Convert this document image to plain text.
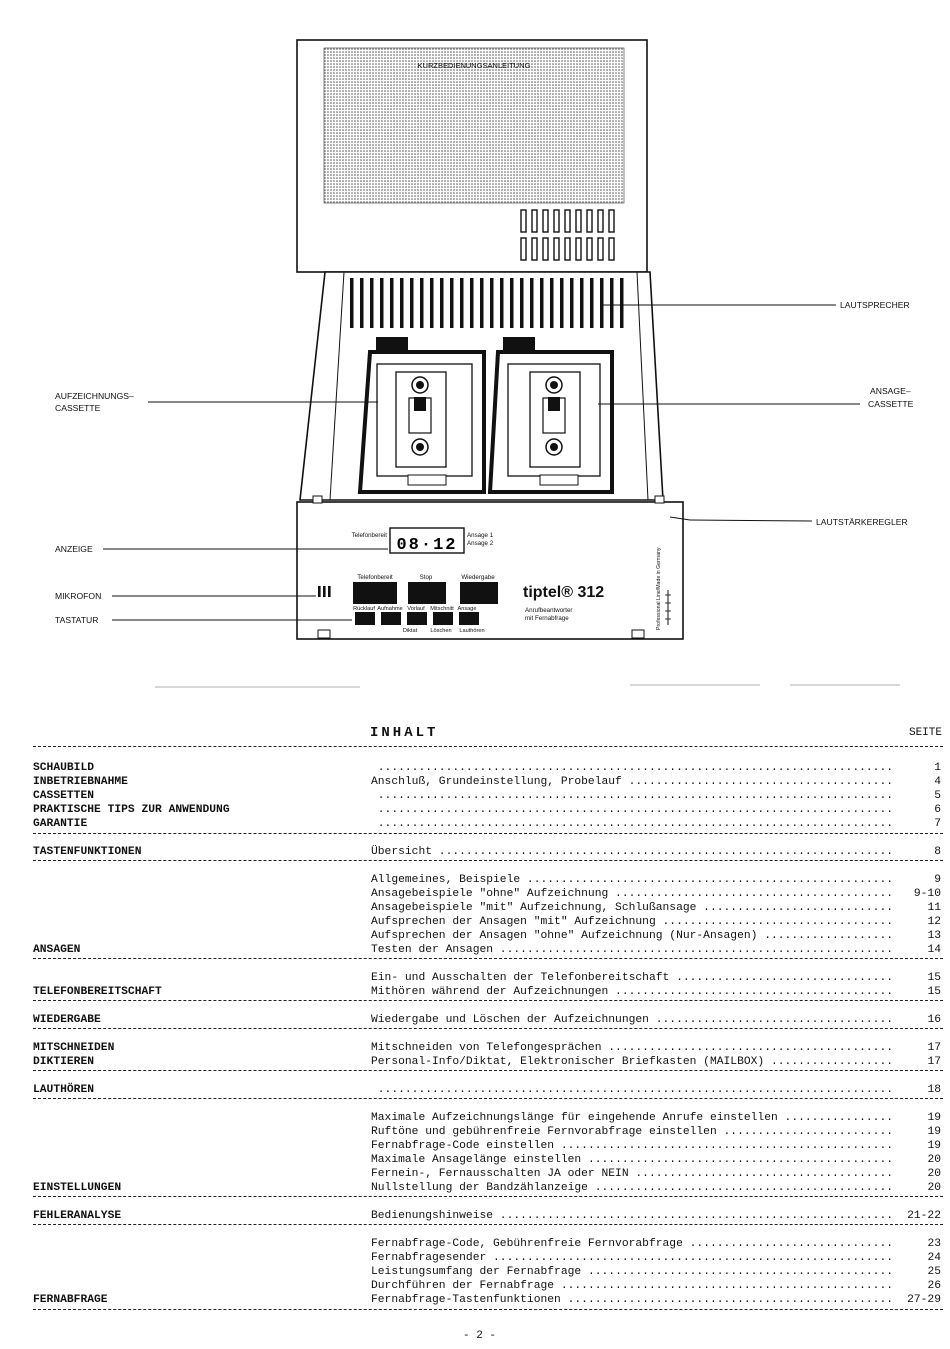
KURZBEDIENUNGSANLEITUNG
Telefonbereit
08·12
Ansage 1
Ansage 2
Telefonbereit	Stop	Wiedergabe
Rücklauf Aufnahme Vorlauf Mitschnitt Ansage
Diktat Löschen Lauthören
tiptel® 312
Anrufbeantworter
mit Fernabfrage	Professional Line/Made in Germany
LAUTSPRECHER
AUFZEICHNUNGS–
CASSETTE
ANSAGE–
CASSETTE
LAUTSTÄRKEREGLER
ANZEIGE
MIKROFON
TASTATUR
INHALT	SEITE
SCHAUBILD .....	1
INBETRIEBNAHME	Anschluß, Grundeinstellung, Probelauf .....	4
CASSETTEN .....	5
PRAKTISCHE TIPS ZUR ANWENDUNG .....	6
GARANTIE .....	7
TASTENFUNKTIONEN	Übersicht .....	8
Allgemeines, Beispiele .....	9
Ansagebeispiele "ohne" Aufzeichnung .....	9-10
Ansagebeispiele "mit" Aufzeichnung, Schlußansage .....	11
Aufsprechen der Ansagen "mit" Aufzeichnung .....	12
Aufsprechen der Ansagen "ohne" Aufzeichnung (Nur-Ansagen) .....	13
ANSAGEN	Testen der Ansagen .....	14
Ein- und Ausschalten der Telefonbereitschaft .....	15
TELEFONBEREITSCHAFT	Mithören während der Aufzeichnungen .....	15
WIEDERGABE	Wiedergabe und Löschen der Aufzeichnungen .....	16
MITSCHNEIDEN	Mitschneiden von Telefongesprächen .....	17
DIKTIEREN	Personal-Info/Diktat, Elektronischer Briefkasten (MAILBOX) .....	17
LAUTHÖREN .....	18
Maximale Aufzeichnungslänge für eingehende Anrufe einstellen .....	19
Ruftöne und gebührenfreie Fernvorabfrage einstellen .....	19
Fernabfrage-Code einstellen .....	19
Maximale Ansagelänge einstellen .....	20
Fernein-, Fernausschalten JA oder NEIN .....	20
EINSTELLUNGEN	Nullstellung der Bandzählanzeige .....	20
FEHLERANALYSE	Bedienungshinweise .....	21-22
Fernabfrage-Code, Gebührenfreie Fernvorabfrage .....	23
Fernabfragesender .....	24
Leistungsumfang der Fernabfrage .....	25
Durchführen der Fernabfrage .....	26
FERNABFRAGE	Fernabfrage-Tastenfunktionen .....	27-29
- 2 -
